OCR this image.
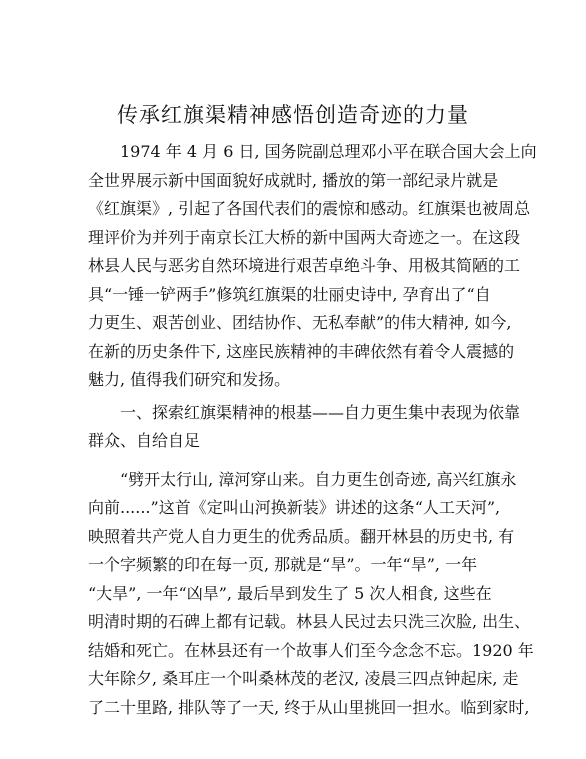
传承红旗渠精神感悟创造奇迹的力量
1974 年 4 月 6 日, 国务院副总理邓小平在联合国大会上向
全世界展示新中国面貌好成就时, 播放的第一部纪录片就是
《红旗渠》, 引起了各国代表们的震惊和感动。红旗渠也被周总
理评价为并列于南京长江大桥的新中国两大奇迹之一。在这段
林县人民与恶劣自然环境进行艰苦卓绝斗争、用极其简陋的工
具“一锤一铲两手”修筑红旗渠的壮丽史诗中, 孕育出了“自
力更生、艰苦创业、团结协作、无私奉献”的伟大精神, 如今,
在新的历史条件下, 这座民族精神的丰碑依然有着令人震撼的
魅力, 值得我们研究和发扬。
一、探索红旗渠精神的根基——自力更生集中表现为依靠
群众、自给自足
“劈开太行山, 漳河穿山来。自力更生创奇迹, 高兴红旗永
向前......”这首《定叫山河换新装》讲述的这条“人工天河”,
映照着共产党人自力更生的优秀品质。翻开林县的历史书, 有
一个字频繁的印在每一页, 那就是“旱”。一年“旱”, 一年
“大旱”, 一年“凶旱”, 最后旱到发生了 5 次人相食, 这些在
明清时期的石碑上都有记载。林县人民过去只洗三次脸, 出生、
结婚和死亡。在林县还有一个故事人们至今念念不忘。1920 年
大年除夕, 桑耳庄一个叫桑林茂的老汉, 凌晨三四点钟起床, 走
了二十里路, 排队等了一天, 终于从山里挑回一担水。临到家时,
